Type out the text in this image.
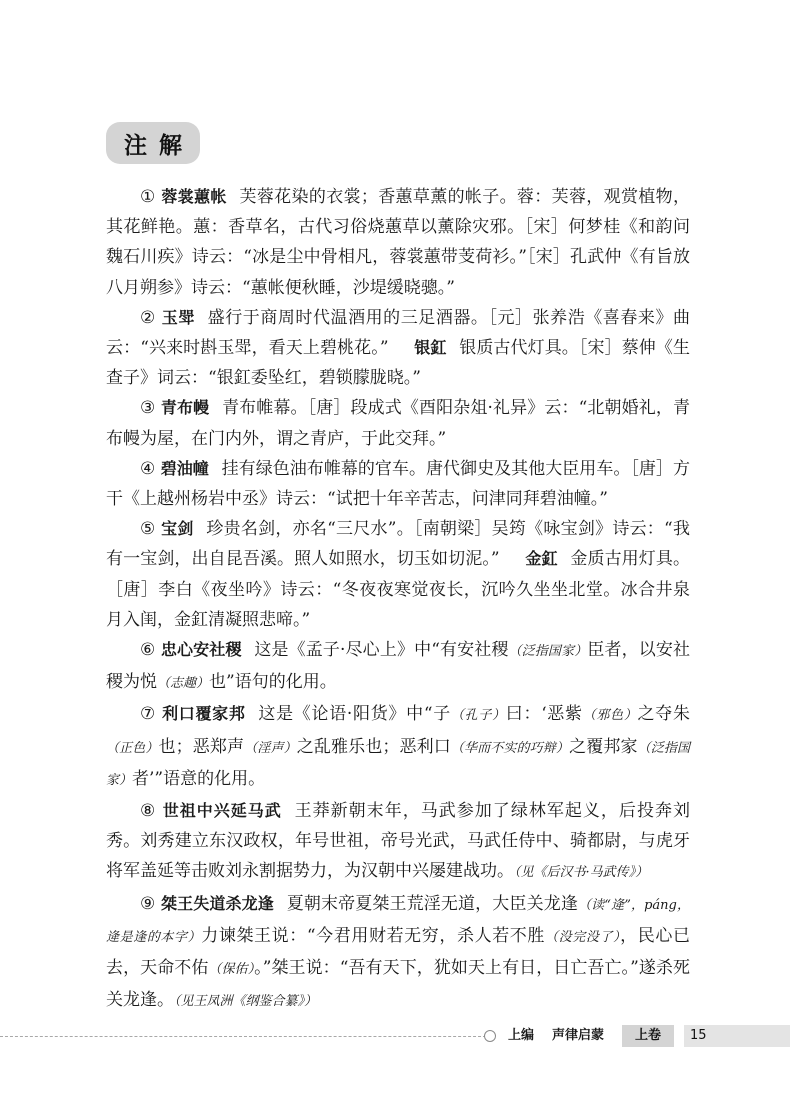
注解

① 蓉裳蕙帐 芙蓉花染的衣裳；香蕙草薰的帐子。蓉：芙蓉，观赏植物，其花鲜艳。蕙：香草名，古代习俗烧蕙草以薰除灾邪。［宋］何梦桂《和韵问魏石川疾》诗云：“冰是尘中骨相凡，蓉裳蕙带芰荷衫。”［宋］孔武仲《有旨放八月朔参》诗云：“蕙帐便秋睡，沙堤缓晓骢。”

② 玉斝 盛行于商周时代温酒用的三足酒器。［元］张养浩《喜春来》曲云：“兴来时斟玉斝，看天上碧桃花。” 银釭 银质古代灯具。［宋］蔡伸《生查子》词云：“银釭委坠红，碧锁朦胧晓。”

③ 青布幔 青布帷幕。［唐］段成式《酉阳杂俎·礼异》云：“北朝婚礼，青布幔为屋，在门内外，谓之青庐，于此交拜。”

④ 碧油幢 挂有绿色油布帷幕的官车。唐代御史及其他大臣用车。［唐］方干《上越州杨岩中丞》诗云：“试把十年辛苦志，问津同拜碧油幢。”

⑤ 宝剑 珍贵名剑，亦名“三尺水”。［南朝梁］吴筠《咏宝剑》诗云：“我有一宝剑，出自昆吾溪。照人如照水，切玉如切泥。” 金釭 金质古用灯具。［唐］李白《夜坐吟》诗云：“冬夜夜寒觉夜长，沉吟久坐坐北堂。冰合井泉月入闺，金釭清凝照悲啼。”

⑥ 忠心安社稷 这是《孟子·尽心上》中“有安社稷（泛指国家）臣者，以安社稷为悦（志趣）也”语句的化用。

⑦ 利口覆家邦 这是《论语·阳货》中“子（孔子）曰：‘恶紫（邪色）之夺朱（正色）也；恶郑声（淫声）之乱雅乐也；恶利口（华而不实的巧辩）之覆邦家（泛指国家）者’”语意的化用。

⑧ 世祖中兴延马武 王莽新朝末年，马武参加了绿林军起义，后投奔刘秀。刘秀建立东汉政权，年号世祖，帝号光武，马武任侍中、骑都尉，与虎牙将军盖延等击败刘永割据势力，为汉朝中兴屡建战功。（见《后汉书·马武传》）

⑨ 桀王失道杀龙逢 夏朝末帝夏桀王荒淫无道，大臣关龙逢（读“逄”，páng，逄是逢的本字）力谏桀王说：“今君用财若无穷，杀人若不胜（没完没了），民心已去，天命不佑（保佑）。”桀王说：“吾有天下，犹如天上有日，日亡吾亡。”遂杀死关龙逢。（见王凤洲《纲鉴合纂》）

上编 声律启蒙	上卷	15
